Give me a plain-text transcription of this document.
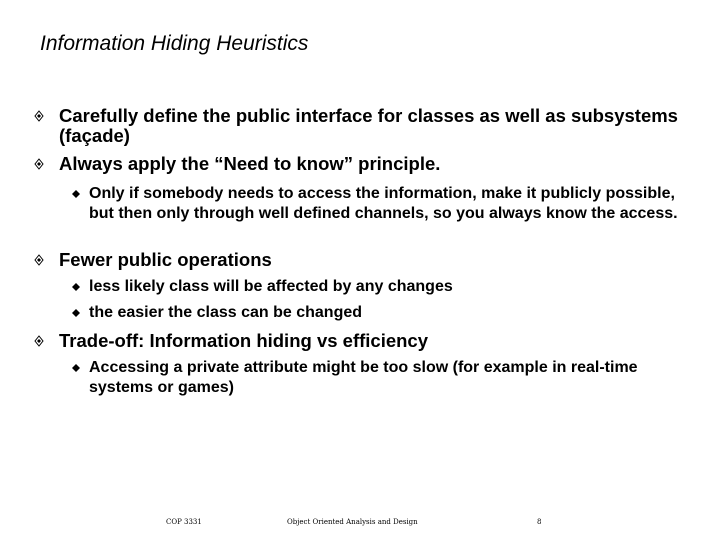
Information Hiding Heuristics
Carefully define the public interface for classes as well as subsystems (façade)
Always apply the “Need to know” principle.
Only if somebody needs to access the information, make it publicly possible, but then only through well defined channels, so you always know the access.
Fewer public operations
less likely class will be affected by any changes
the easier the class can be changed
Trade-off: Information hiding vs efficiency
Accessing a private attribute might be too slow (for example in real-time systems or games)
COP 3331	Object Oriented Analysis and Design	8
